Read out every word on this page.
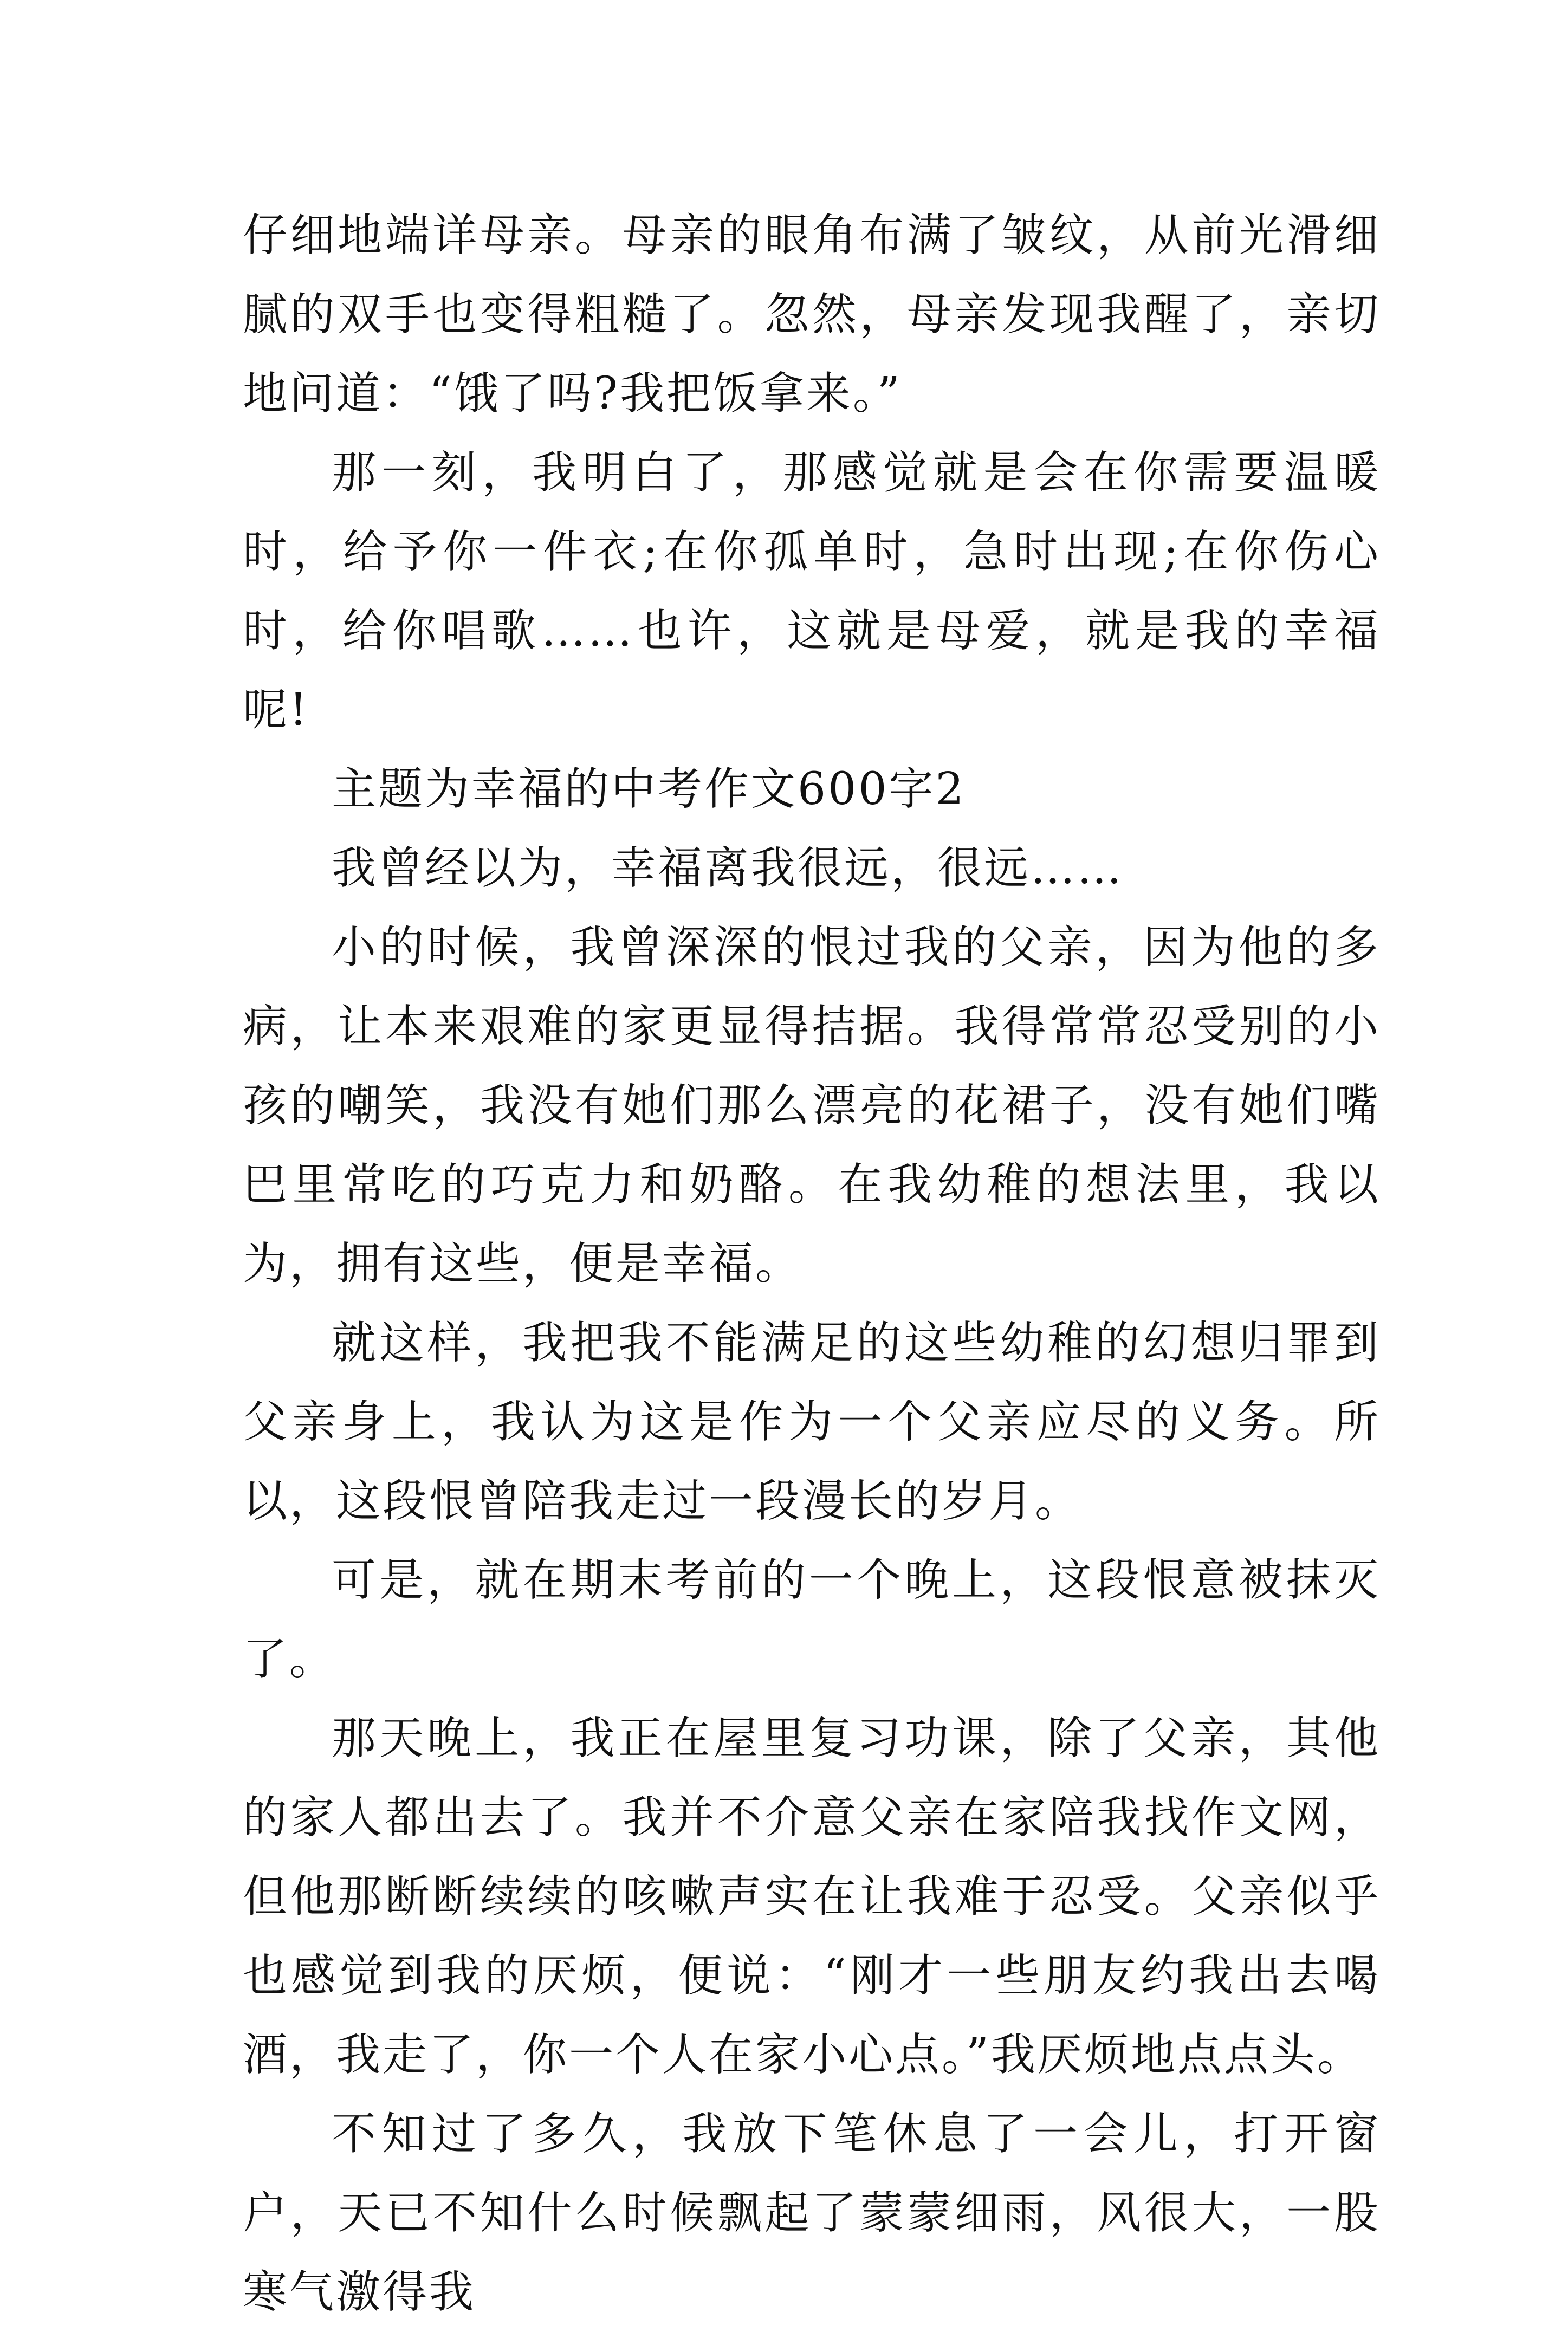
仔细地端详母亲。母亲的眼角布满了皱纹，从前光滑细腻的双手也变得粗糙了。忽然，母亲发现我醒了，亲切地问道：“饿了吗?我把饭拿来。”

那一刻，我明白了，那感觉就是会在你需要温暖时，给予你一件衣;在你孤单时，急时出现;在你伤心时，给你唱歌……也许，这就是母爱，就是我的幸福呢!

主题为幸福的中考作文600字2

我曾经以为，幸福离我很远，很远……

小的时候，我曾深深的恨过我的父亲，因为他的多病，让本来艰难的家更显得拮据。我得常常忍受别的小孩的嘲笑，我没有她们那么漂亮的花裙子，没有她们嘴巴里常吃的巧克力和奶酪。在我幼稚的想法里，我以为，拥有这些，便是幸福。

就这样，我把我不能满足的这些幼稚的幻想归罪到父亲身上，我认为这是作为一个父亲应尽的义务。所以，这段恨曾陪我走过一段漫长的岁月。

可是，就在期末考前的一个晚上，这段恨意被抹灭了。

那天晚上，我正在屋里复习功课，除了父亲，其他的家人都出去了。我并不介意父亲在家陪我找作文网，但他那断断续续的咳嗽声实在让我难于忍受。父亲似乎也感觉到我的厌烦，便说：“刚才一些朋友约我出去喝酒，我走了，你一个人在家小心点。”我厌烦地点点头。

不知过了多久，我放下笔休息了一会儿，打开窗户，天已不知什么时候飘起了蒙蒙细雨，风很大，一股寒气激得我
